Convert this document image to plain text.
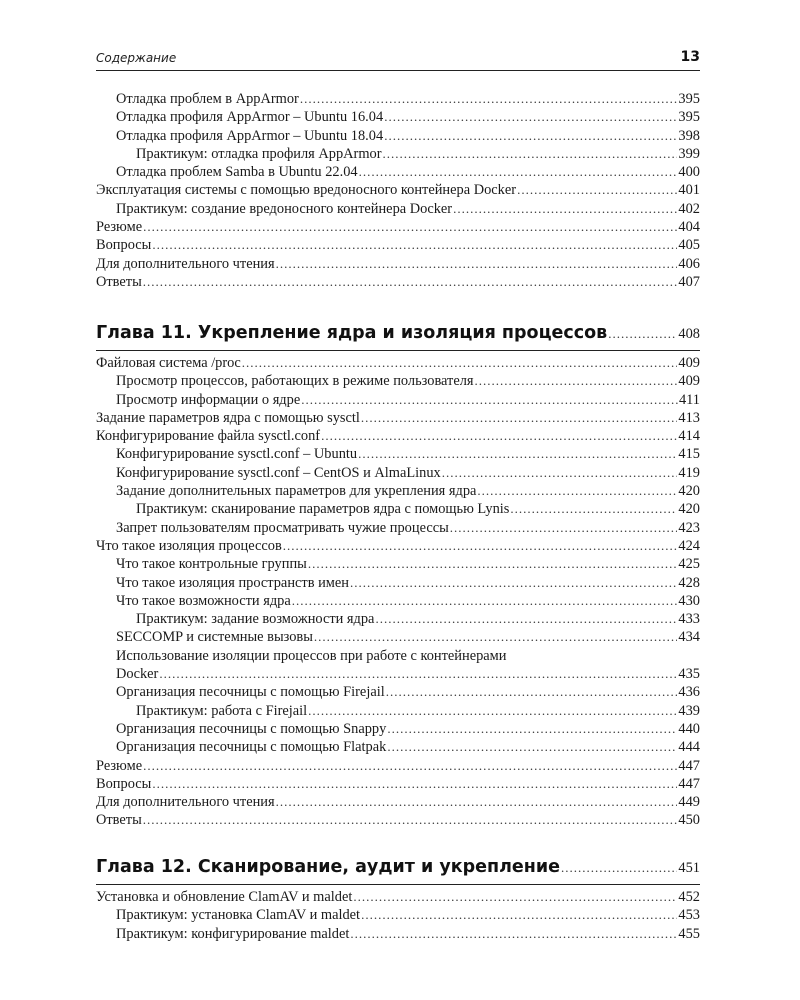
Содержание	13
Отладка проблем в AppArmor .....	395
Отладка профиля AppArmor – Ubuntu 16.04 .....	395
Отладка профиля AppArmor – Ubuntu 18.04 .....	398
Практикум: отладка профиля AppArmor .....	399
Отладка проблем Samba в Ubuntu 22.04 .....	400
Эксплуатация системы с помощью вредоносного контейнера Docker .....	401
Практикум: создание вредоносного контейнера Docker .....	402
Резюме .....	404
Вопросы .....	405
Для дополнительного чтения .....	406
Ответы .....	407
Глава 11. Укрепление ядра и изоляция процессов .....	408
Файловая система /proc .....	409
Просмотр процессов, работающих в режиме пользователя .....	409
Просмотр информации о ядре .....	411
Задание параметров ядра с помощью sysctl .....	413
Конфигурирование файла sysctl.conf .....	414
Конфигурирование sysctl.conf – Ubuntu .....	415
Конфигурирование sysctl.conf – CentOS и AlmaLinux .....	419
Задание дополнительных параметров для укрепления ядра .....	420
Практикум: сканирование параметров ядра с помощью Lynis .....	420
Запрет пользователям просматривать чужие процессы .....	423
Что такое изоляция процессов .....	424
Что такое контрольные группы .....	425
Что такое изоляция пространств имен .....	428
Что такое возможности ядра .....	430
Практикум: задание возможности ядра .....	433
SECCOMP и системные вызовы .....	434
Использование изоляции процессов при работе с контейнерами
Docker .....	435
Организация песочницы с помощью Firejail .....	436
Практикум: работа с Firejail .....	439
Организация песочницы с помощью Snappy .....	440
Организация песочницы с помощью Flatpak .....	444
Резюме .....	447
Вопросы .....	447
Для дополнительного чтения .....	449
Ответы .....	450
Глава 12. Сканирование, аудит и укрепление .....	451
Установка и обновление ClamAV и maldet .....	452
Практикум: установка ClamAV и maldet .....	453
Практикум: конфигурирование maldet .....	455
